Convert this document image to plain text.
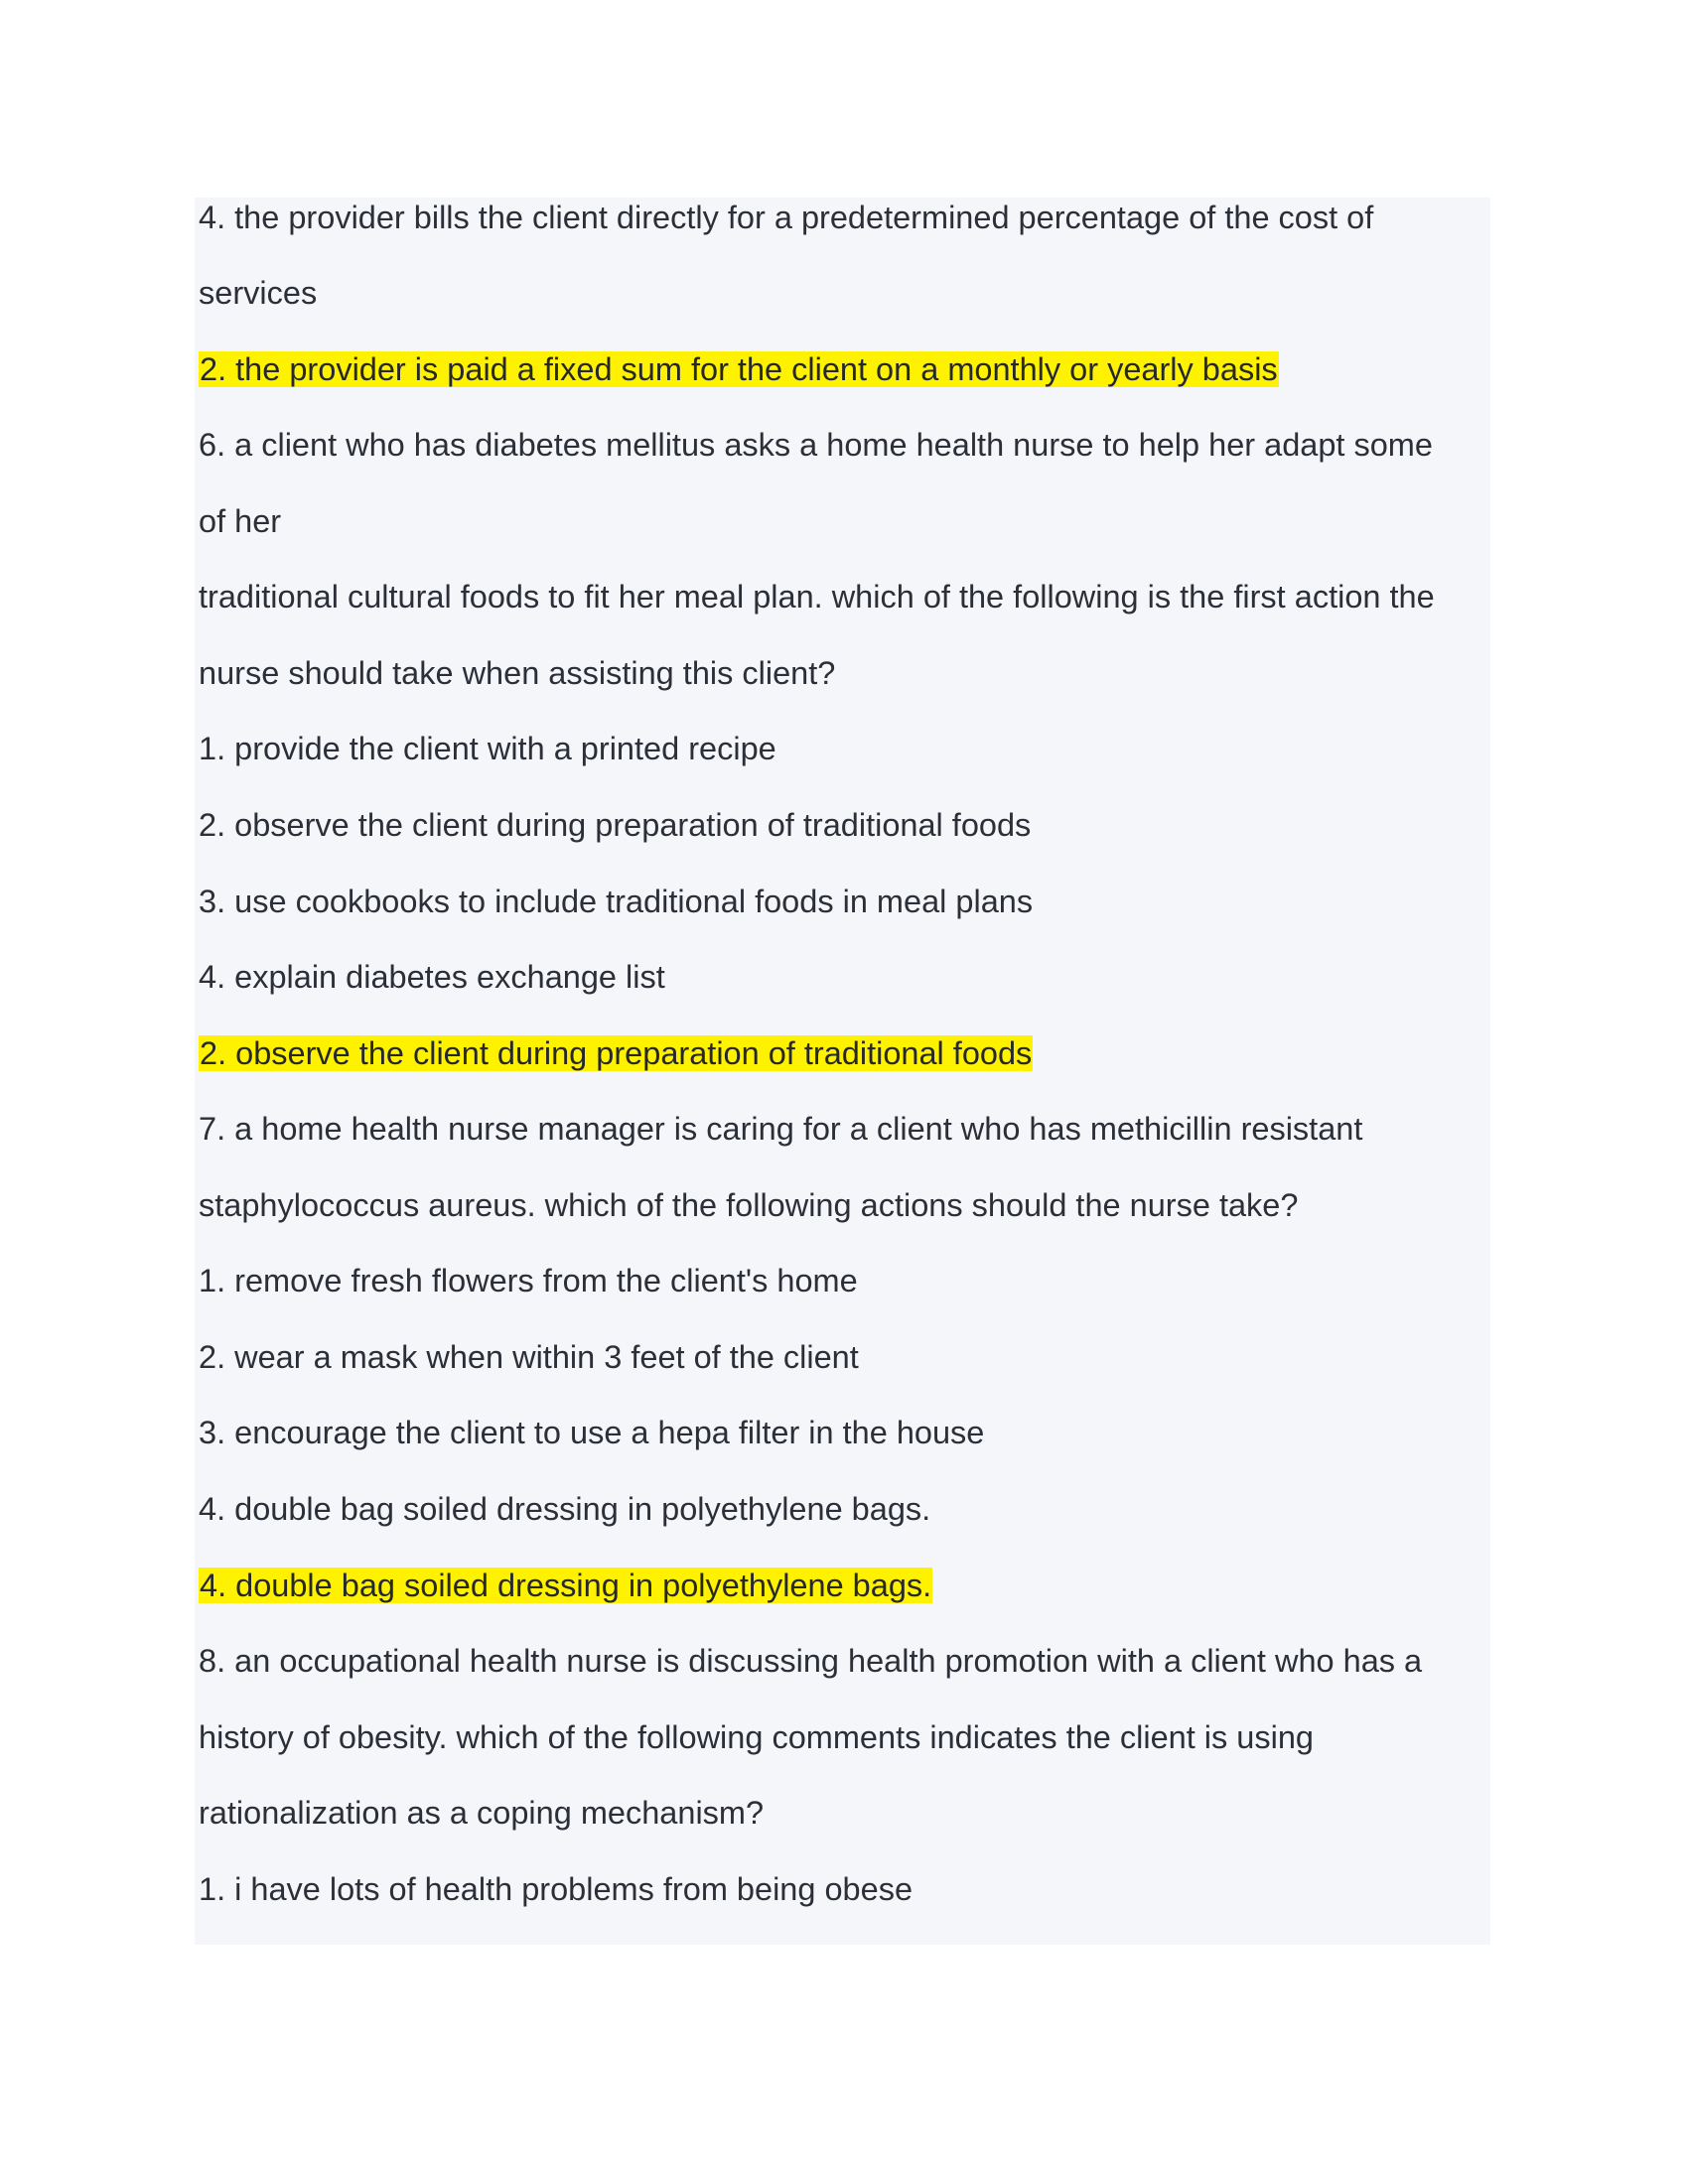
4. the provider bills the client directly for a predetermined percentage of the cost of
services
2. the provider is paid a fixed sum for the client on a monthly or yearly basis
6. a client who has diabetes mellitus asks a home health nurse to help her adapt some
of her
traditional cultural foods to fit her meal plan. which of the following is the first action the
nurse should take when assisting this client?
1. provide the client with a printed recipe
2. observe the client during preparation of traditional foods
3. use cookbooks to include traditional foods in meal plans
4. explain diabetes exchange list
2. observe the client during preparation of traditional foods
7. a home health nurse manager is caring for a client who has methicillin resistant
staphylococcus aureus. which of the following actions should the nurse take?
1. remove fresh flowers from the client's home
2. wear a mask when within 3 feet of the client
3. encourage the client to use a hepa filter in the house
4. double bag soiled dressing in polyethylene bags.
4. double bag soiled dressing in polyethylene bags.
8. an occupational health nurse is discussing health promotion with a client who has a
history of obesity. which of the following comments indicates the client is using
rationalization as a coping mechanism?
1. i have lots of health problems from being obese
